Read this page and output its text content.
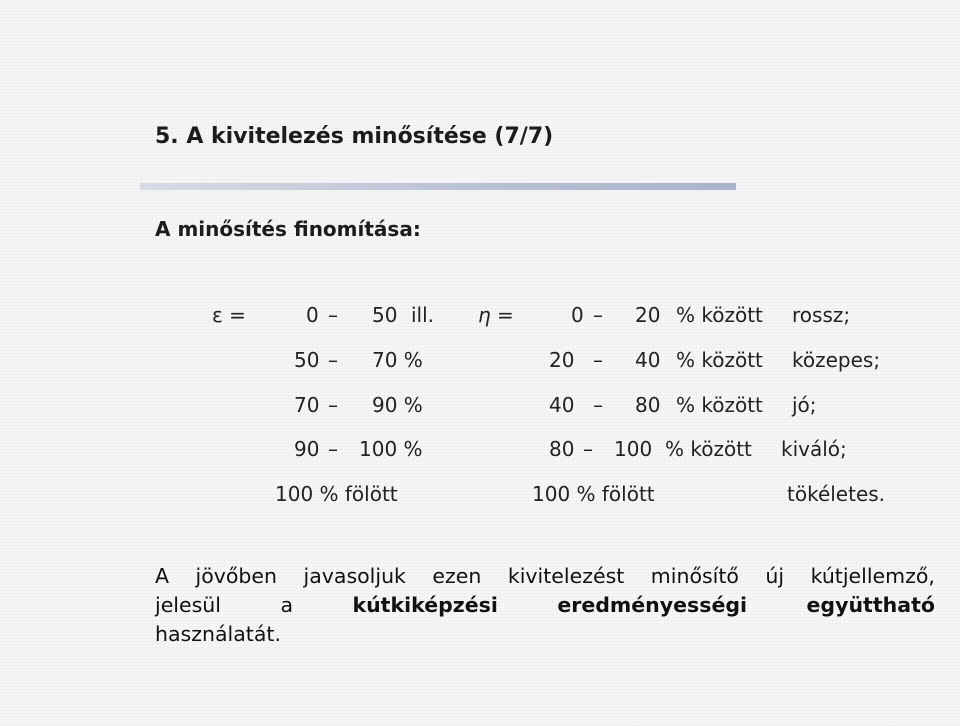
5. A kivitelezés minősítése (7/7)
A minősítés finomítása:
ε =	0 – 50 ill. η =	0 – 20 % között rossz;
50 – 70 %	20 – 40 % között közepes;
70 – 90 %	40 – 80 % között jó;
90 – 100 %	80 – 100 % között kiváló;
100 % fölött	100 % fölött	tökéletes.
A jövőben javasoljuk ezen kivitelezést minősítő új kútjellemző,
jelesül	a	kútkiképzési	eredményességi	együttható
használatát.
